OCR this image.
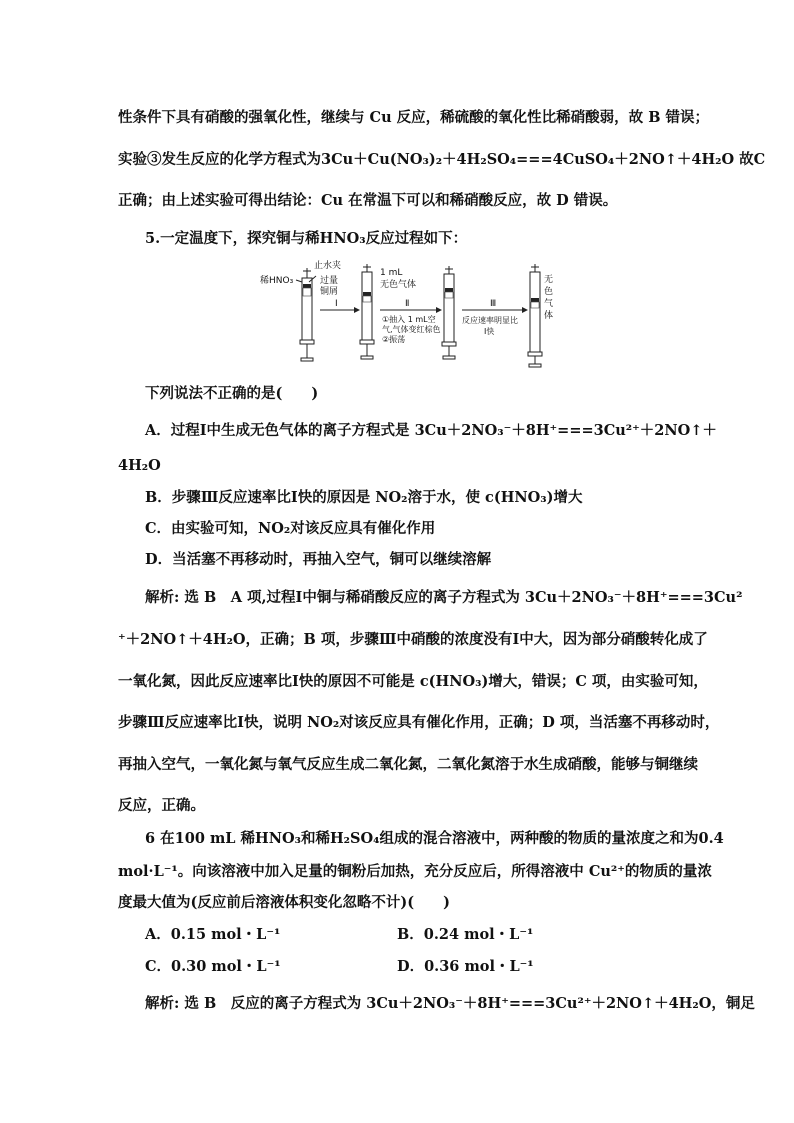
性条件下具有硝酸的强氧化性，继续与 Cu 反应，稀硫酸的氧化性比稀硝酸弱，故 B 错误；
实验③发生反应的化学方程式为3Cu＋Cu(NO₃)₂＋4H₂SO₄===4CuSO₄＋2NO↑＋4H₂O 故C
正确；由上述实验可得出结论：Cu 在常温下可以和稀硝酸反应，故 D 错误。
5.一定温度下，探究铜与稀HNO₃反应过程如下：
稀HNO₃
止水夹
过量
铜屑
Ⅰ
1 mL
无色气体
Ⅱ
①抽入 1 mL空
气,气体变红棕色
②振荡
Ⅲ
反应速率明显比
Ⅰ快
无
色
气
体
下列说法不正确的是(　　)
A．过程Ⅰ中生成无色气体的离子方程式是 3Cu＋2NO₃⁻＋8H⁺===3Cu²⁺＋2NO↑＋
4H₂O
B．步骤Ⅲ反应速率比Ⅰ快的原因是 NO₂溶于水，使 c(HNO₃)增大
C．由实验可知，NO₂对该反应具有催化作用
D．当活塞不再移动时，再抽入空气，铜可以继续溶解
解析: 选 B　A 项,过程Ⅰ中铜与稀硝酸反应的离子方程式为 3Cu＋2NO₃⁻＋8H⁺===3Cu²
⁺＋2NO↑＋4H₂O，正确；B 项，步骤Ⅲ中硝酸的浓度没有Ⅰ中大，因为部分硝酸转化成了
一氧化氮，因此反应速率比Ⅰ快的原因不可能是 c(HNO₃)增大，错误；C 项，由实验可知，
步骤Ⅲ反应速率比Ⅰ快，说明 NO₂对该反应具有催化作用，正确；D 项，当活塞不再移动时，
再抽入空气，一氧化氮与氧气反应生成二氧化氮，二氧化氮溶于水生成硝酸，能够与铜继续
反应，正确。
6 在100 mL 稀HNO₃和稀H₂SO₄组成的混合溶液中，两种酸的物质的量浓度之和为0.4
mol·L⁻¹。向该溶液中加入足量的铜粉后加热，充分反应后，所得溶液中 Cu²⁺的物质的量浓
度最大值为(反应前后溶液体积变化忽略不计)(　　)
A．0.15 mol・L⁻¹	B．0.24 mol・L⁻¹
C．0.30 mol・L⁻¹	D．0.36 mol・L⁻¹
解析: 选 B　反应的离子方程式为 3Cu＋2NO₃⁻＋8H⁺===3Cu²⁺＋2NO↑＋4H₂O，铜足
